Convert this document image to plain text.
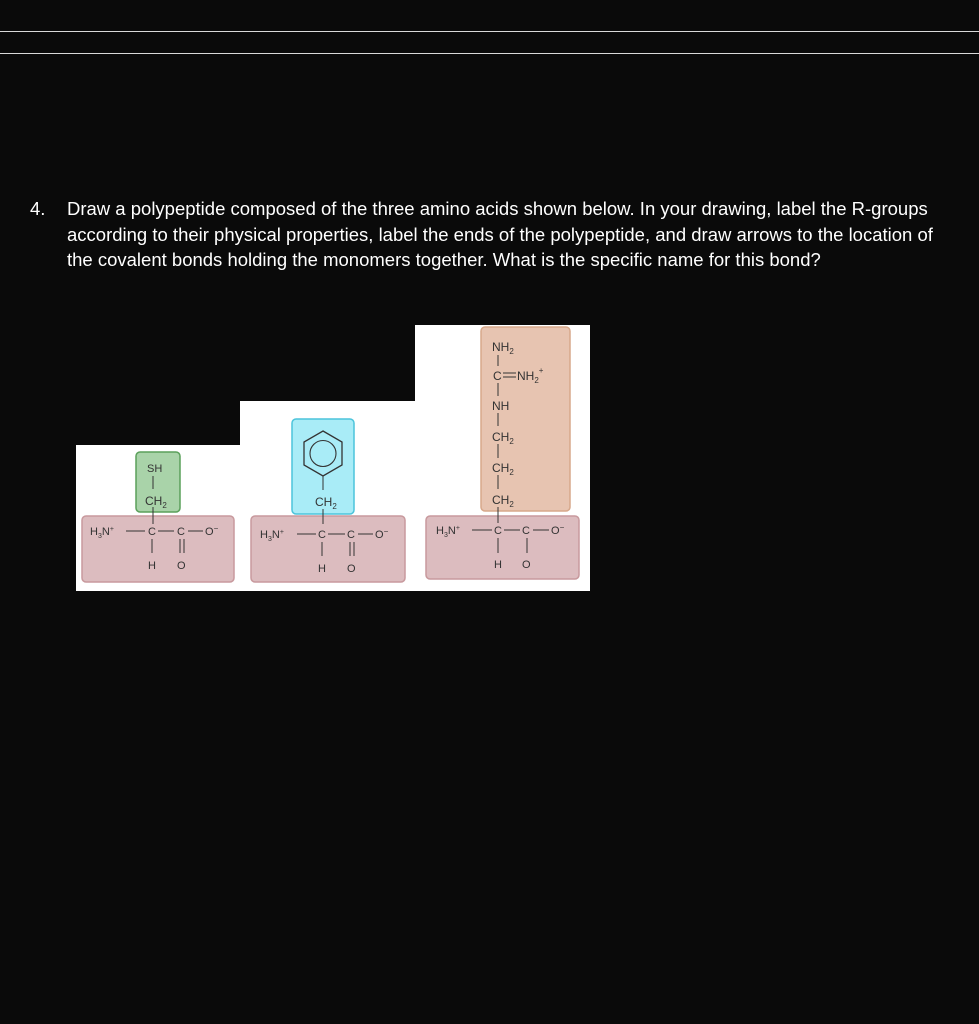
4. Draw a polypeptide composed of the three amino acids shown below. In your drawing, label the R-groups according to their physical properties, label the ends of the polypeptide, and draw arrows to the location of the covalent bonds holding the monomers together. What is the specific name for this bond?
SH
$CH_2$
$H_3N^+$	C C O−
H O
$CH_2$
$H_3N^+$	C C O−
H O
$NH_2$
C $NH_2^+$
NH
$CH_2$
$CH_2$
$CH_2$
$H_3N^+$	C C O−
H O
